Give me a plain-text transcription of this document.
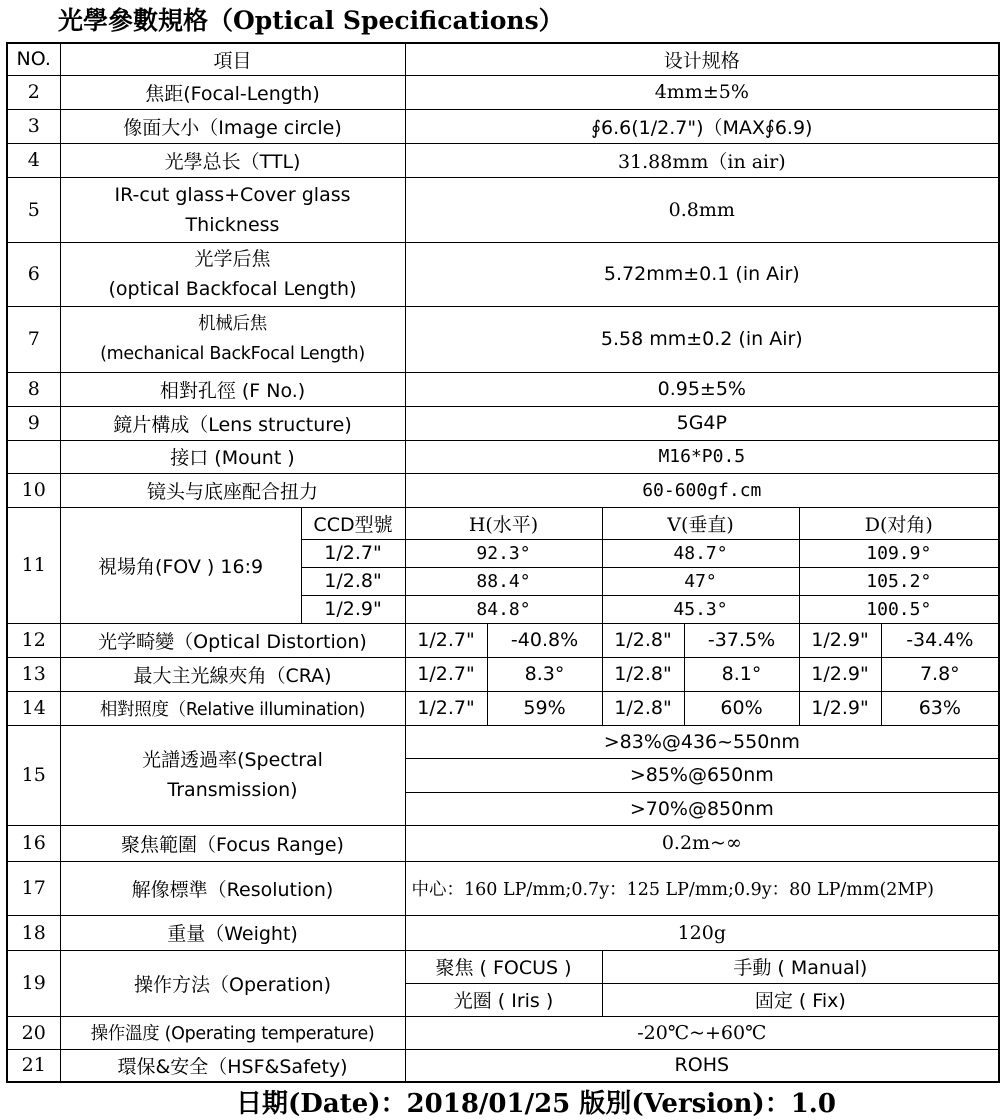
光學參數規格（Optical Specifications）
NO.	項目		设计规格					
2	焦距(Focal-Length)		4mm±5%					
3	像面大小（Image circle)		∮6.6(1/2.7")（MAX∮6.9)					
4	光學总长（TTL)		31.88mm（in air)					
5	IR-cut glass+Cover glass
Thickness		0.8mm					
6	光学后焦
(optical Backfocal Length)		5.72mm±0.1 (in Air)					
7	机械后焦
(mechanical BackFocal Length)		5.58 mm±0.2 (in Air)					
8	相對孔徑 (F No.)		0.95±5%					
9	鏡片構成（Lens structure)		5G4P					
	接口 (Mount )		M16*P0.5					
10	镜头与底座配合扭力		60-600gf.cm					
11	視場角(FOV ) 16:9	CCD型號	H(水平)		V(垂直)		D(对角)	
		1/2.7"	92.3°		48.7°		109.9°	
		1/2.8"	88.4°		47°		105.2°	
		1/2.9"	84.8°		45.3°		100.5°	
12	光学畸變（Optical Distortion)		1/2.7"	-40.8%	1/2.8"	-37.5%	1/2.9"	-34.4%
13	最大主光線夾角（CRA)		1/2.7"	8.3°	1/2.8"	8.1°	1/2.9"	7.8°
14	相對照度（Relative illumination)		1/2.7"	59%	1/2.8"	60%	1/2.9"	63%
15	光譜透過率(Spectral
Transmission)		>83%@436~550nm					
			>85%@650nm					
			>70%@850nm					
16	聚焦範圍（Focus Range)		0.2m~∞					
17	解像標準（Resolution)		中心：160 LP/mm;0.7y：125 LP/mm;0.9y：80 LP/mm(2MP)					
18	重量（Weight)		120g					
19	操作方法（Operation)		聚焦 ( FOCUS )		手動 ( Manual)			
			光圈 ( Iris )		固定 ( Fix)			
20	操作溫度 (Operating temperature)		-20℃~+60℃					
21	環保&安全（HSF&Safety)		ROHS					
日期(Date)：2018/01/25 版別(Version)：1.0
